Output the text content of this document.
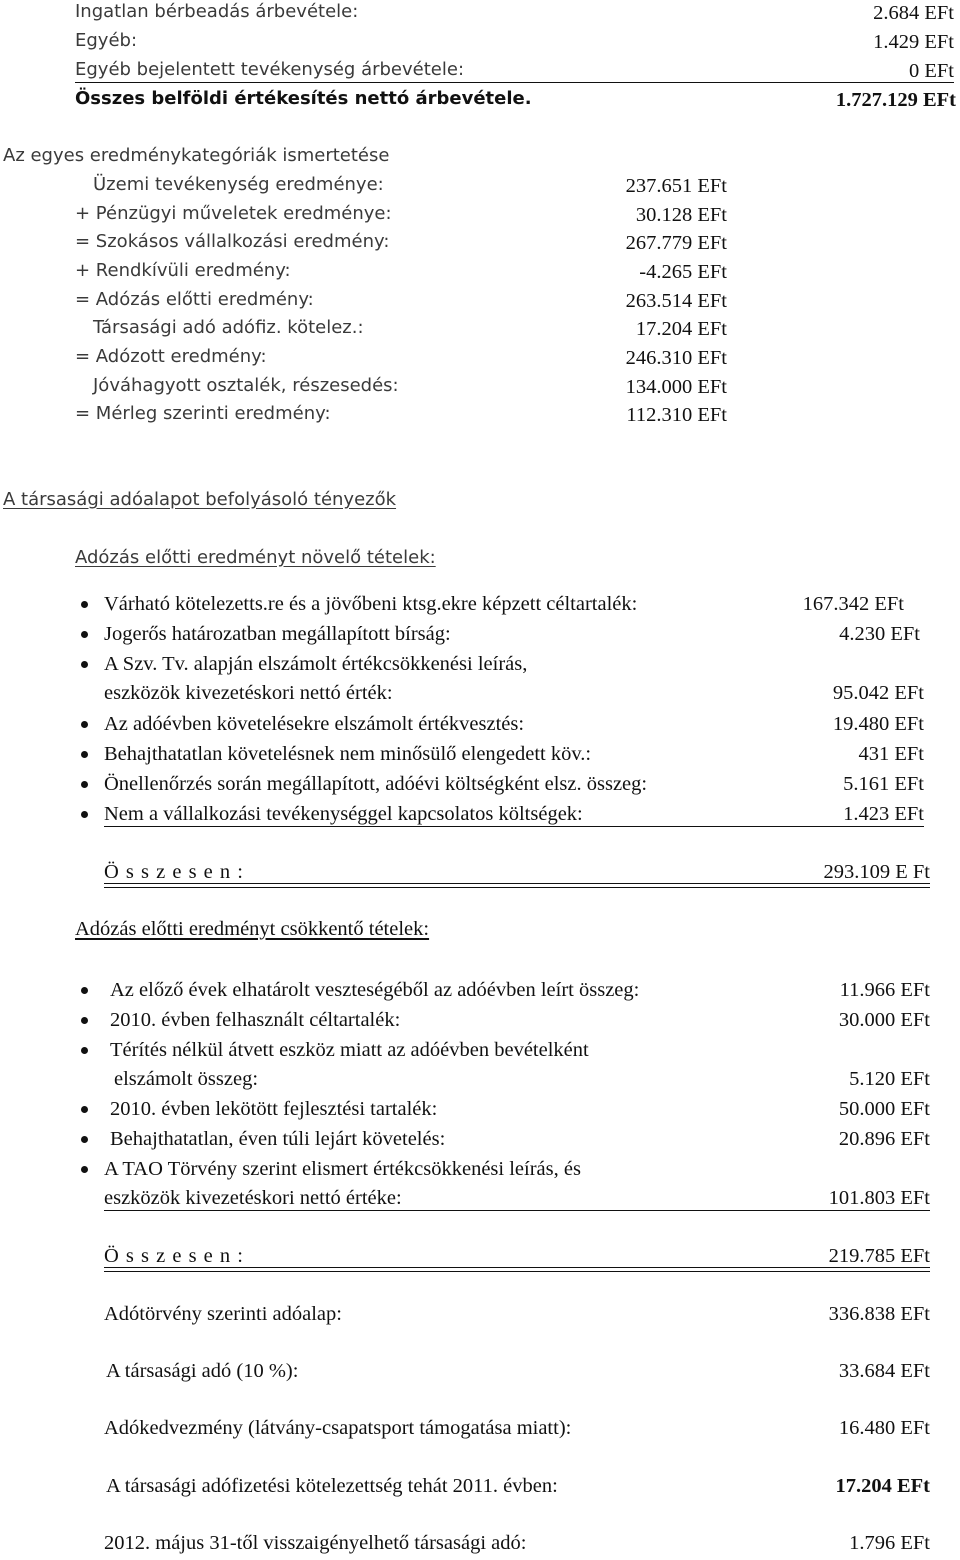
Ingatlan bérbeadás árbevétele:	2.684 EFt
Egyéb:	1.429 EFt
Egyéb bejelentett tevékenység árbevétele:	0 EFt
Összes belföldi értékesítés nettó árbevétele.	1.727.129 EFt
Az egyes eredménykategóriák ismertetése
Üzemi tevékenység eredménye:	237.651 EFt
+ Pénzügyi műveletek eredménye:	30.128 EFt
= Szokásos vállalkozási eredmény:	267.779 EFt
+ Rendkívüli eredmény:	-4.265 EFt
= Adózás előtti eredmény:	263.514 EFt
Társasági adó adófiz. kötelez.:	17.204 EFt
= Adózott eredmény:	246.310 EFt
Jóváhagyott osztalék, részesedés:	134.000 EFt
= Mérleg szerinti eredmény:	112.310 EFt
A társasági adóalapot befolyásoló tényezők
Adózás előtti eredményt növelő tételek:
Várható kötelezetts.re és a jövőbeni ktsg.ekre képzett céltartalék:	167.342 EFt
Jogerős határozatban megállapított bírság:	4.230 EFt
A Szv. Tv. alapján elszámolt értékcsökkenési leírás,
eszközök kivezetéskori nettó érték:	95.042 EFt
Az adóévben követelésekre elszámolt értékvesztés:	19.480 EFt
Behajthatatlan követelésnek nem minősülő elengedett köv.:	431 EFt
Önellenőrzés során megállapított, adóévi költségként elsz. összeg:	5.161 EFt
Nem a vállalkozási tevékenységgel kapcsolatos költségek:	1.423 EFt
Ö s s z e s e n :	293.109 E Ft
Adózás előtti eredményt csökkentő tételek:
Az előző évek elhatárolt veszteségéből az adóévben leírt összeg:	11.966 EFt
2010. évben felhasznált céltartalék:	30.000 EFt
Térítés nélkül átvett eszköz miatt az adóévben bevételként
elszámolt összeg:	5.120 EFt
2010. évben lekötött fejlesztési tartalék:	50.000 EFt
Behajthatatlan, éven túli lejárt követelés:	20.896 EFt
A TAO Törvény szerint elismert értékcsökkenési leírás, és
eszközök kivezetéskori nettó értéke:	101.803 EFt
Ö s s z e s e n :	219.785 EFt
Adótörvény szerinti adóalap:	336.838 EFt
A társasági adó (10 %):	33.684 EFt
Adókedvezmény (látvány-csapatsport támogatása miatt):	16.480 EFt
A társasági adófizetési kötelezettség tehát 2011. évben:	17.204 EFt
2012. május 31-től visszaigényelhető társasági adó:	1.796 EFt
